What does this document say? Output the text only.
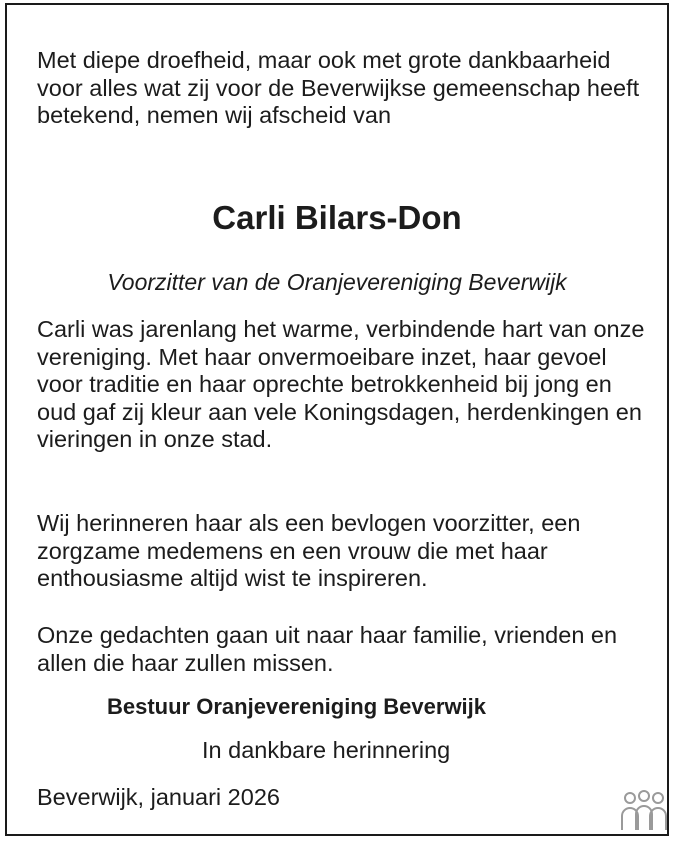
Met diepe droefheid, maar ook met grote dankbaarheid voor alles wat zij voor de Beverwijkse gemeenschap heeft betekend, nemen wij afscheid van

Carli Bilars-Don
Voorzitter van de Oranjevereniging Beverwijk

Carli was jarenlang het warme, verbindende hart van onze vereniging. Met haar onvermoeibare inzet, haar gevoel voor traditie en haar oprechte betrokkenheid bij jong en oud gaf zij kleur aan vele Koningsdagen, herdenkingen en vieringen in onze stad.

Wij herinneren haar als een bevlogen voorzitter, een zorgzame medemens en een vrouw die met haar enthousiasme altijd wist te inspireren.

Onze gedachten gaan uit naar haar familie, vrienden en allen die haar zullen missen.

Bestuur Oranjevereniging Beverwijk
In dankbare herinnering
Beverwijk, januari 2026
